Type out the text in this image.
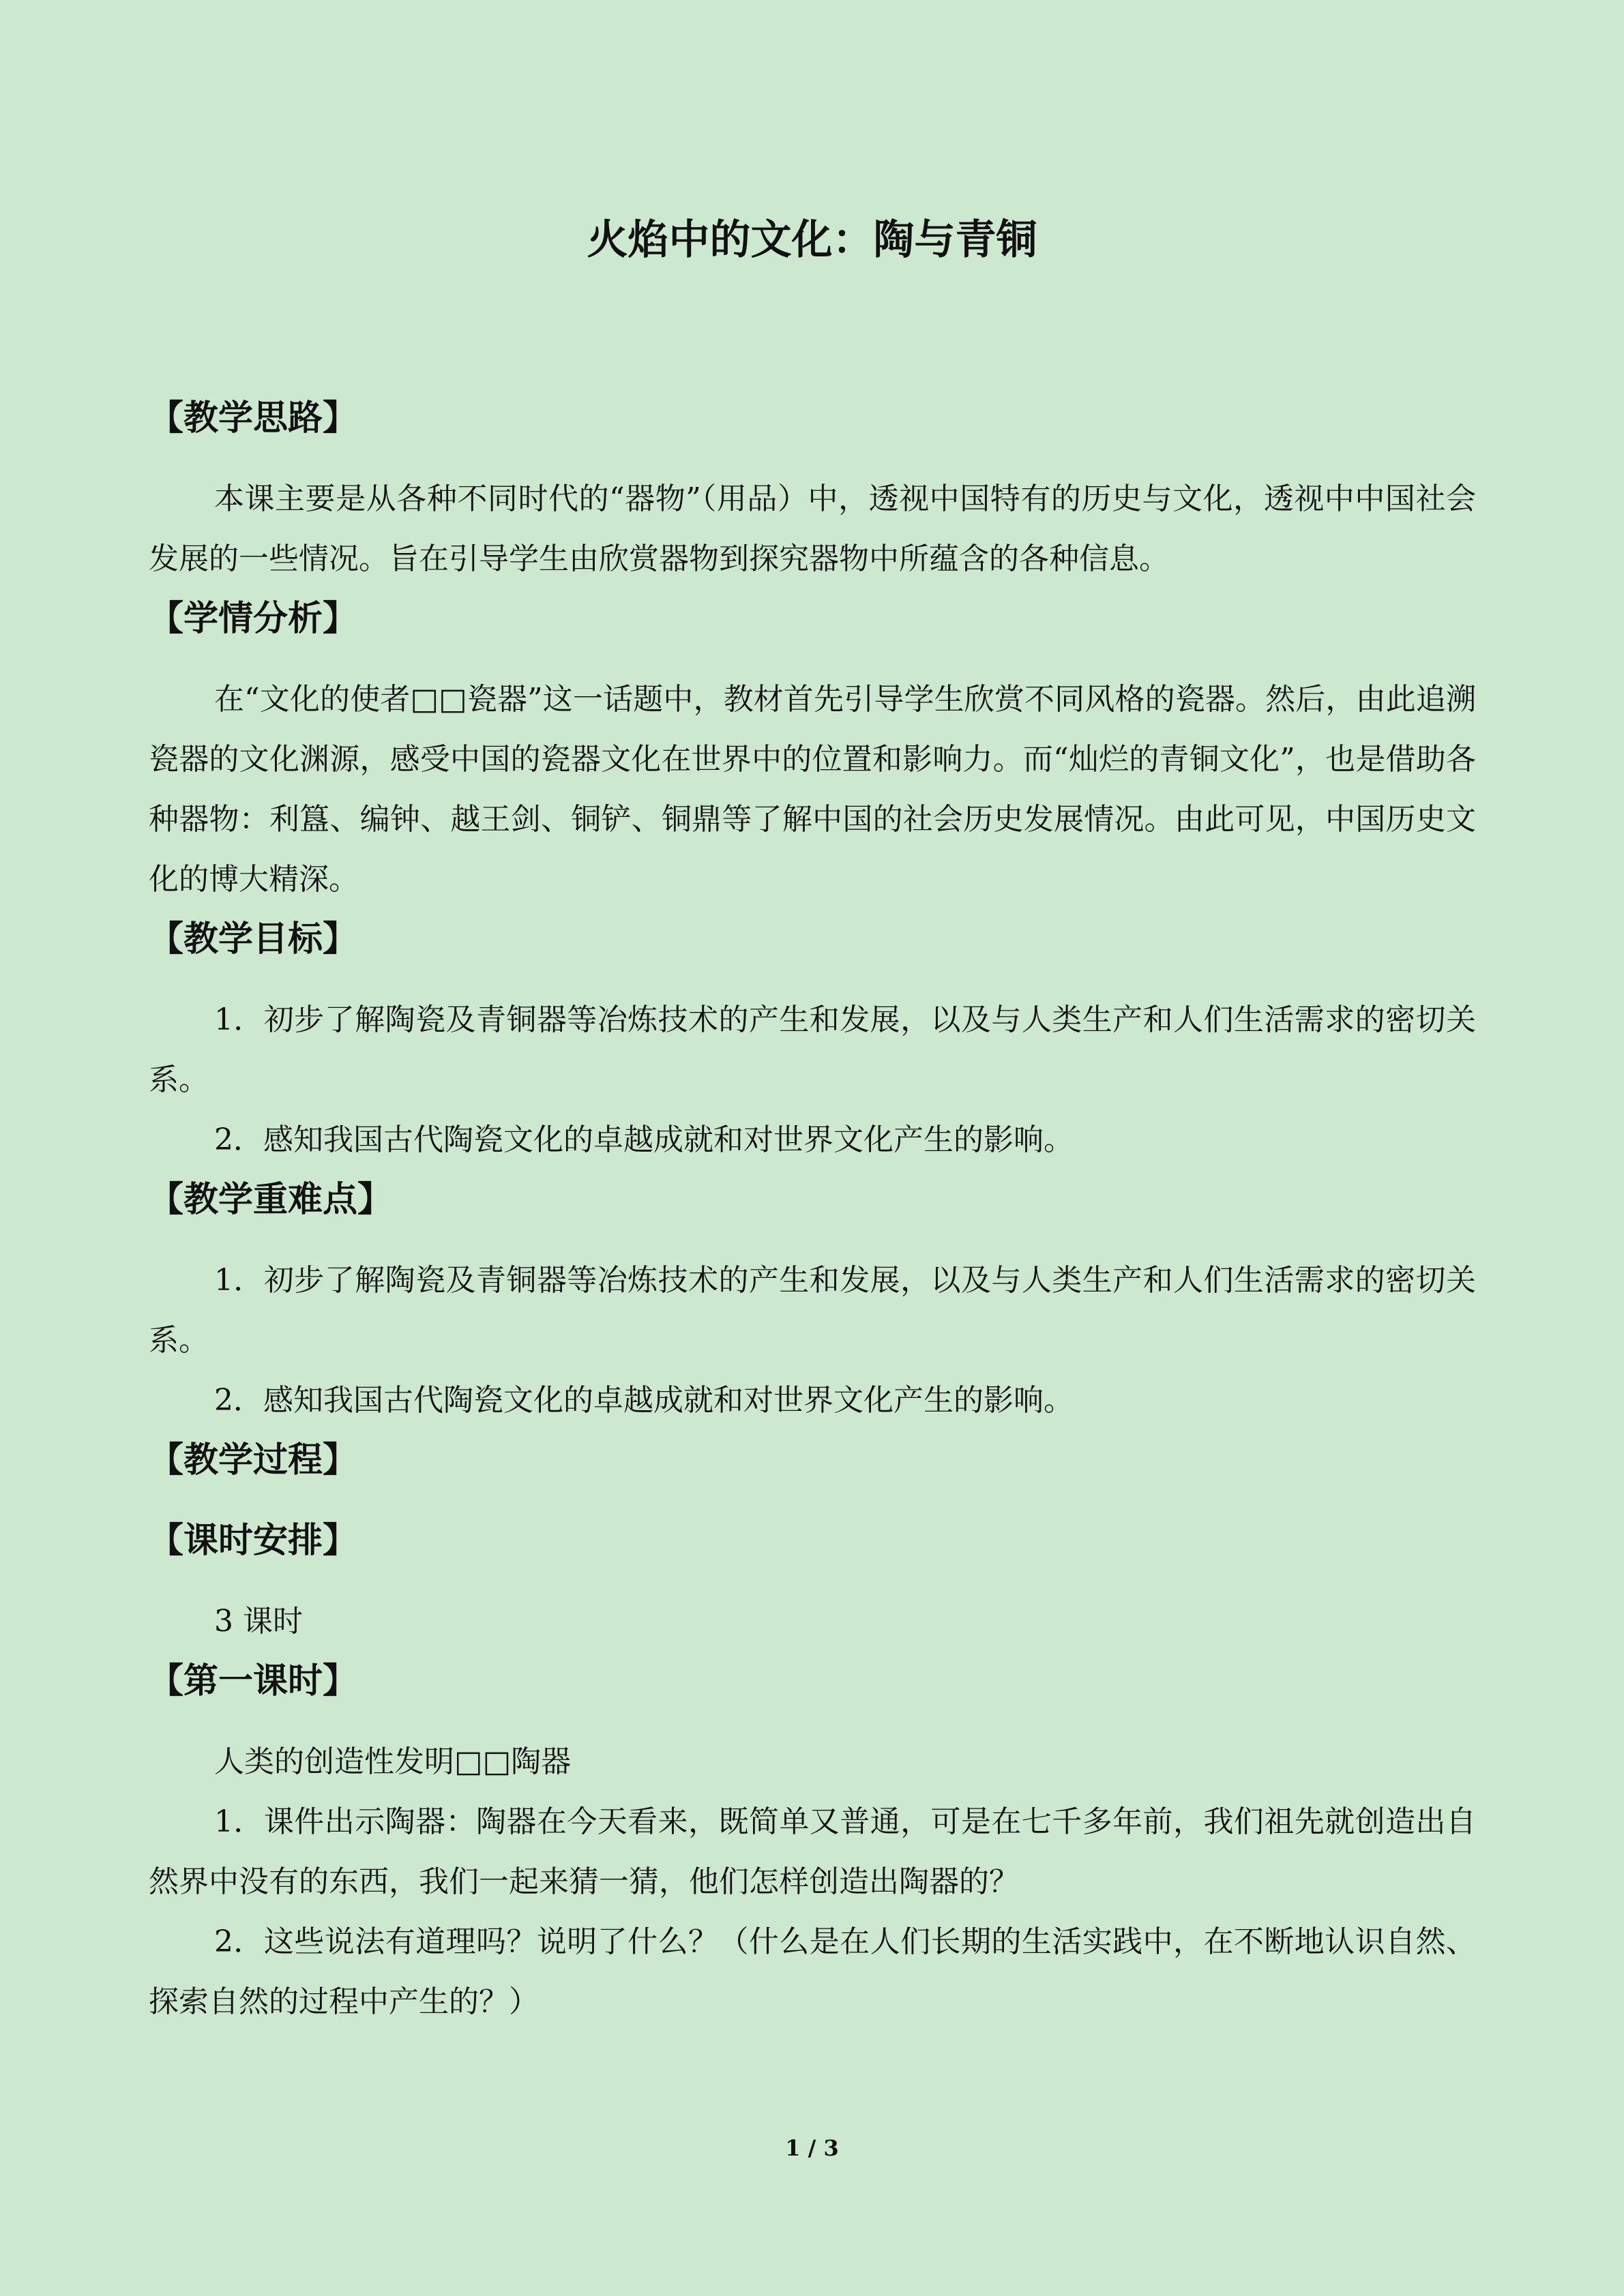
火焰中的文化：陶与青铜
【教学思路】

本课主要是从各种不同时代的“器物”（用品）中，透视中国特有的历史与文化，透视中中国社会发展的一些情况。旨在引导学生由欣赏器物到探究器物中所蕴含的各种信息。

【学情分析】

在“文化的使者□□瓷器”这一话题中，教材首先引导学生欣赏不同风格的瓷器。然后，由此追溯瓷器的文化渊源，感受中国的瓷器文化在世界中的位置和影响力。而“灿烂的青铜文化”，也是借助各种器物：利簋、编钟、越王剑、铜铲、铜鼎等了解中国的社会历史发展情况。由此可见，中国历史文化的博大精深。

【教学目标】

1．初步了解陶瓷及青铜器等冶炼技术的产生和发展，以及与人类生产和人们生活需求的密切关系。

2．感知我国古代陶瓷文化的卓越成就和对世界文化产生的影响。

【教学重难点】

1．初步了解陶瓷及青铜器等冶炼技术的产生和发展，以及与人类生产和人们生活需求的密切关系。

2．感知我国古代陶瓷文化的卓越成就和对世界文化产生的影响。

【教学过程】
【课时安排】

3 课时

【第一课时】

人类的创造性发明□□陶器

1．课件出示陶器：陶器在今天看来，既简单又普通，可是在七千多年前，我们祖先就创造出自然界中没有的东西，我们一起来猜一猜，他们怎样创造出陶器的？

2．这些说法有道理吗？说明了什么？（什么是在人们长期的生活实践中，在不断地认识自然、探索自然的过程中产生的？）

1 / 3
